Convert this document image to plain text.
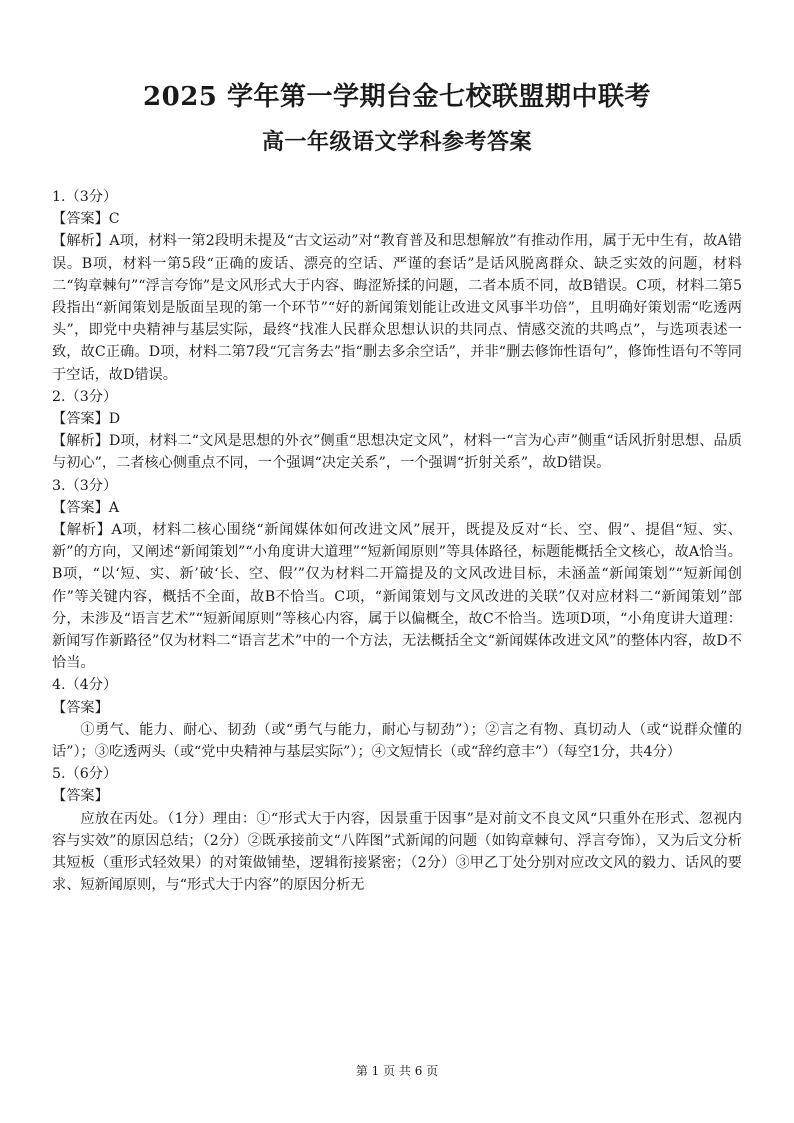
2025 学年第一学期台金七校联盟期中联考
高一年级语文学科参考答案

1.（3分）

【答案】C

【解析】A项，材料一第2段明未提及“古文运动”对“教育普及和思想解放”有推动作用，属于无中生有，故A错误。B项，材料一第5段“正确的废话、漂亮的空话、严谨的套话”是话风脱离群众、缺乏实效的问题，材料二“钩章棘句”“浮言夸饰”是文风形式大于内容、晦涩矫揉的问题，二者本质不同，故B错误。C项，材料二第5段指出“新闻策划是版面呈现的第一个环节”“好的新闻策划能让改进文风事半功倍”，且明确好策划需“吃透两头”，即党中央精神与基层实际，最终“找准人民群众思想认识的共同点、情感交流的共鸣点”，与选项表述一致，故C正确。D项，材料二第7段“冗言务去”指“删去多余空话”，并非“删去修饰性语句”，修饰性语句不等同于空话，故D错误。

2.（3分）

【答案】D

【解析】D项，材料二“文风是思想的外衣”侧重“思想决定文风”，材料一“言为心声”侧重“话风折射思想、品质与初心”，二者核心侧重点不同，一个强调“决定关系”，一个强调“折射关系”，故D错误。

3.（3分）

【答案】A

【解析】A项，材料二核心围绕“新闻媒体如何改进文风”展开，既提及反对“长、空、假”、提倡“短、实、新”的方向，又阐述“新闻策划”“小角度讲大道理”“短新闻原则”等具体路径，标题能概括全文核心，故A恰当。B项，“以‘短、实、新’破‘长、空、假’”仅为材料二开篇提及的文风改进目标，未涵盖“新闻策划”“短新闻创作”等关键内容，概括不全面，故B不恰当。C项，“新闻策划与文风改进的关联”仅对应材料二“新闻策划”部分，未涉及“语言艺术”“短新闻原则”等核心内容，属于以偏概全，故C不恰当。选项D项，“小角度讲大道理：新闻写作新路径”仅为材料二“语言艺术”中的一个方法，无法概括全文“新闻媒体改进文风”的整体内容，故D不恰当。

4.（4分）

【答案】

①勇气、能力、耐心、韧劲（或“勇气与能力，耐心与韧劲”）；②言之有物、真切动人（或“说群众懂的话”）；③吃透两头（或“党中央精神与基层实际”）；④文短情长（或“辞约意丰”）（每空1分，共4分）

5.（6分）

【答案】

应放在丙处。（1分）理由：①“形式大于内容，因景重于因事”是对前文不良文风“只重外在形式、忽视内容与实效”的原因总结；（2分）②既承接前文“八阵图”式新闻的问题（如钩章棘句、浮言夸饰），又为后文分析其短板（重形式轻效果）的对策做铺垫，逻辑衔接紧密；（2分）③甲乙丁处分别对应改文风的毅力、话风的要求、短新闻原则，与“形式大于内容”的原因分析无

第 1 页 共 6 页
